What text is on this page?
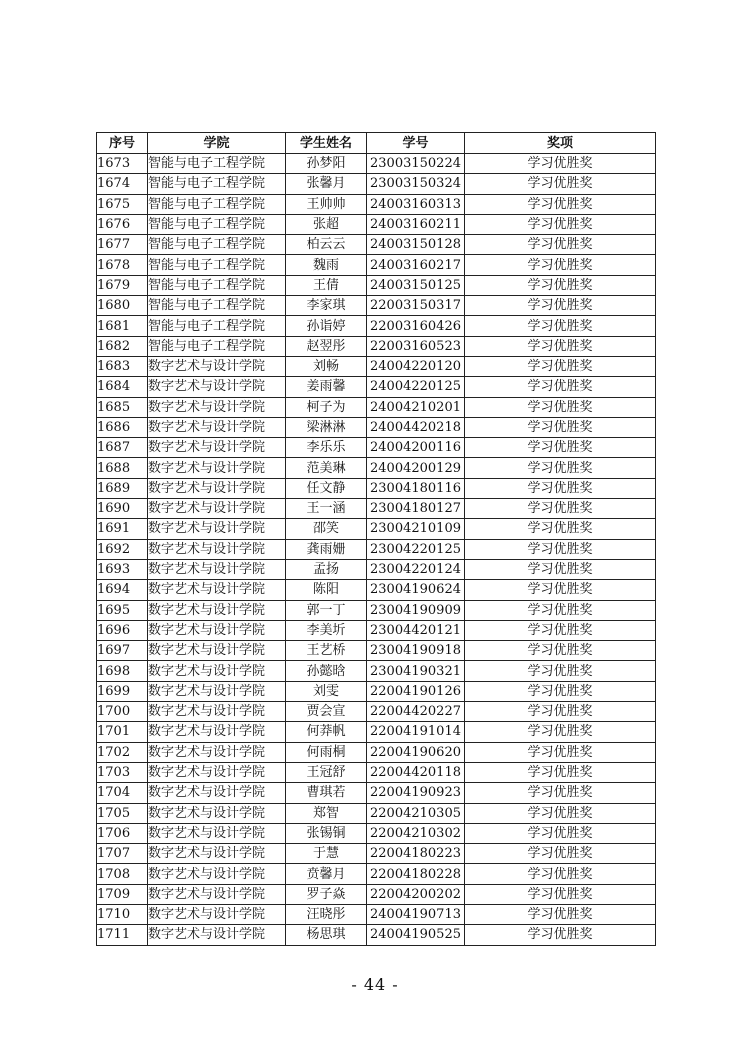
序号	学院	学生姓名	学号	奖项
1673	智能与电子工程学院	孙梦阳	23003150224	学习优胜奖
1674	智能与电子工程学院	张馨月	23003150324	学习优胜奖
1675	智能与电子工程学院	王帅帅	24003160313	学习优胜奖
1676	智能与电子工程学院	张超	24003160211	学习优胜奖
1677	智能与电子工程学院	柏云云	24003150128	学习优胜奖
1678	智能与电子工程学院	魏雨	24003160217	学习优胜奖
1679	智能与电子工程学院	王倩	24003150125	学习优胜奖
1680	智能与电子工程学院	李家琪	22003150317	学习优胜奖
1681	智能与电子工程学院	孙诣婷	22003160426	学习优胜奖
1682	智能与电子工程学院	赵翌彤	22003160523	学习优胜奖
1683	数字艺术与设计学院	刘畅	24004220120	学习优胜奖
1684	数字艺术与设计学院	姜雨馨	24004220125	学习优胜奖
1685	数字艺术与设计学院	柯子为	24004210201	学习优胜奖
1686	数字艺术与设计学院	梁淋淋	24004420218	学习优胜奖
1687	数字艺术与设计学院	李乐乐	24004200116	学习优胜奖
1688	数字艺术与设计学院	范美琳	24004200129	学习优胜奖
1689	数字艺术与设计学院	任文静	23004180116	学习优胜奖
1690	数字艺术与设计学院	王一涵	23004180127	学习优胜奖
1691	数字艺术与设计学院	邵笑	23004210109	学习优胜奖
1692	数字艺术与设计学院	龚雨姗	23004220125	学习优胜奖
1693	数字艺术与设计学院	孟扬	23004220124	学习优胜奖
1694	数字艺术与设计学院	陈阳	23004190624	学习优胜奖
1695	数字艺术与设计学院	郭一丁	23004190909	学习优胜奖
1696	数字艺术与设计学院	李美圻	23004420121	学习优胜奖
1697	数字艺术与设计学院	王艺桥	23004190918	学习优胜奖
1698	数字艺术与设计学院	孙懿晗	23004190321	学习优胜奖
1699	数字艺术与设计学院	刘雯	22004190126	学习优胜奖
1700	数字艺术与设计学院	贾会宣	22004420227	学习优胜奖
1701	数字艺术与设计学院	何莽帆	22004191014	学习优胜奖
1702	数字艺术与设计学院	何雨桐	22004190620	学习优胜奖
1703	数字艺术与设计学院	王冠舒	22004420118	学习优胜奖
1704	数字艺术与设计学院	曹琪若	22004190923	学习优胜奖
1705	数字艺术与设计学院	郑智	22004210305	学习优胜奖
1706	数字艺术与设计学院	张锡铜	22004210302	学习优胜奖
1707	数字艺术与设计学院	于慧	22004180223	学习优胜奖
1708	数字艺术与设计学院	贲馨月	22004180228	学习优胜奖
1709	数字艺术与设计学院	罗子焱	22004200202	学习优胜奖
1710	数字艺术与设计学院	汪晓彤	24004190713	学习优胜奖
1711	数字艺术与设计学院	杨思琪	24004190525	学习优胜奖
- 44 -
